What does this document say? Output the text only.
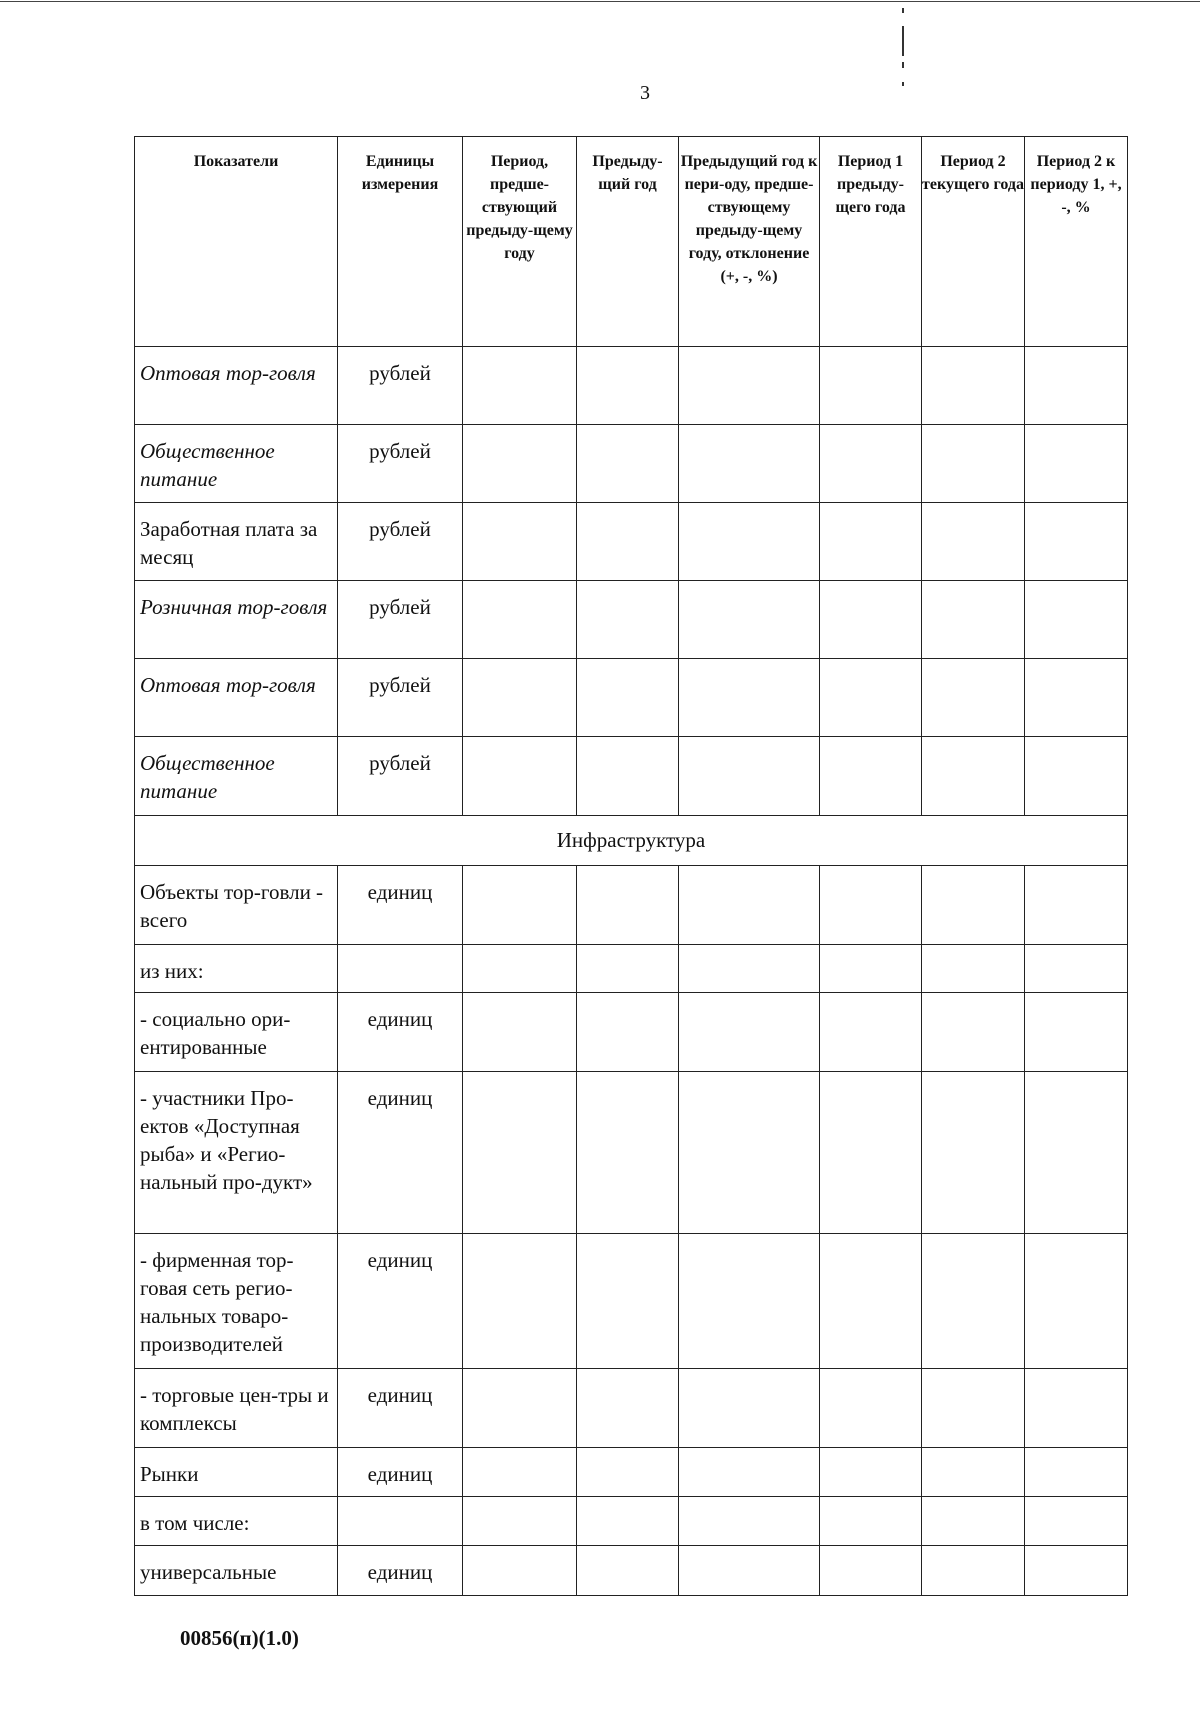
3
Показатели	Единицы измерения	Период, предше-ствующий предыду-щему году	Предыду-щий год	Предыдущий год к пери-оду, предше-ствующему предыду-щему году, отклонение (+, -, %)	Период 1 предыду-щего года	Период 2 текущего года	Период 2 к периоду 1, +, -, %
Оптовая тор-говля	рублей						
Общественное питание	рублей						
Заработная плата за месяц	рублей						
Розничная тор-говля	рублей						
Оптовая тор-говля	рублей						
Общественное питание	рублей						
Инфраструктура							
Объекты тор-говли - всего	единиц						
из них:							
- социально ори-ентированные	единиц						
- участники Про-ектов «Доступная рыба» и «Регио-нальный про-дукт»	единиц						
- фирменная тор-говая сеть регио-нальных товаро-производителей	единиц						
- торговые цен-тры и комплексы	единиц						
Рынки	единиц						
в том числе:							
универсальные	единиц						
00856(п)(1.0)
